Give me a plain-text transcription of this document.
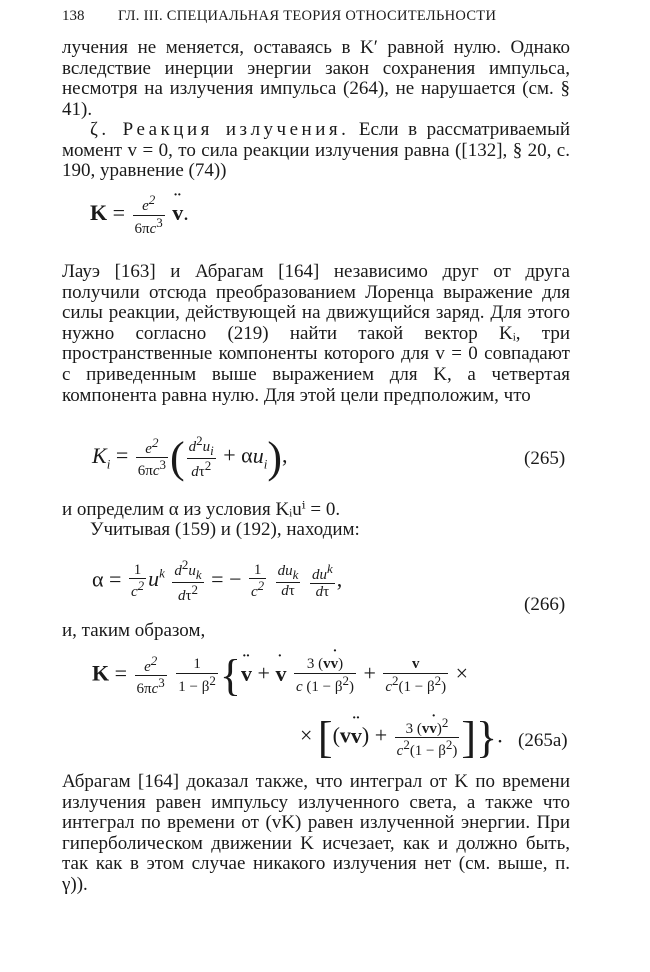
138 ГЛ. III. СПЕЦИАЛЬНАЯ ТЕОРИЯ ОТНОСИТЕЛЬНОСТИ

лучения не меняется, оставаясь в K′ равной нулю. Однако вследствие инерции энергии закон сохранения импульса, несмотря на излучения импульса (264), не нарушается (см. § 41).

ζ. Реакция излучения. Если в рассматриваемый момент v = 0, то сила реакции излучения равна ([132], § 20, с. 190, уравнение (74))

$K = \frac{e^2}{6\pi c^3} \cdot\cdot v$.

Лауэ [163] и Абрагам [164] независимо друг от друга получили отсюда преобразованием Лоренца выражение для силы реакции, действующей на движущийся заряд. Для этого нужно согласно (219) найти такой вектор Kᵢ, три пространственные компоненты которого для v = 0 совпадают с приведенным выше выражением для K, а четвертая компонента равна нулю. Для этой цели предположим, что

$K_i = \frac{e^2}{6\pi c^3}$ ( $\frac{d^2u_i}{d\tau^2} + \alpha u_i$),	(265)

и определим α из условия Kᵢuⁱ = 0.

Учитывая (159) и (192), находим:

$\alpha = \frac{1}{c^2} u^k \frac{d^2u_k}{d\tau^2}$ = − $\frac{1}{c^2}$
$\frac{du_k}{d\tau}$
$\frac{du^k}{d\tau}$ ,
(266)

и, таким образом,

$K = \frac{e^2}{6\pi c^3}$
$\frac{1}{1 - \beta^2}$ {·· v + · v $\frac{3 (v\cdot v)}{c (1 - \beta^2)} + \frac{v}{c^2(1 - \beta^2)}$ ×
× [$(v\cdot\cdot v) + \frac{3 (v\cdot v)^2}{c^2(1 - \beta^2)}$ ]}. (265a)

Абрагам [164] доказал также, что интеграл от K по времени излучения равен импульсу излученного света, а также что интеграл по времени от (vK) равен излученной энергии. При гиперболическом движении K исчезает, как и должно быть, так как в этом случае никакого излучения нет (см. выше, п. γ)).
